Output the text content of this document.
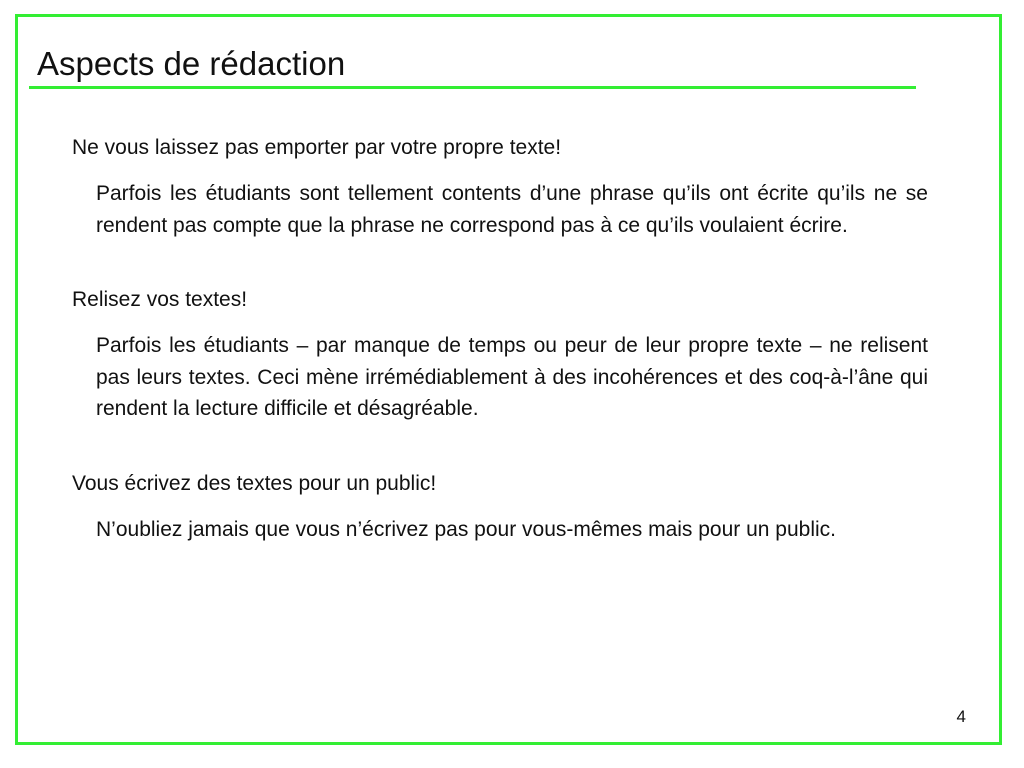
Aspects de rédaction

Ne vous laissez pas emporter par votre propre texte!

Parfois les étudiants sont tellement contents d’une phrase qu’ils ont écrite qu’ils ne se rendent pas compte que la phrase ne correspond pas à ce qu’ils voulaient écrire.

Relisez vos textes!

Parfois les étudiants – par manque de temps ou peur de leur propre texte – ne relisent pas leurs textes. Ceci mène irrémédiablement à des incohérences et des coq-à-l’âne qui rendent la lecture difficile et désagréable.

Vous écrivez des textes pour un public!

N’oubliez jamais que vous n’écrivez pas pour vous-mêmes mais pour un public.

4
